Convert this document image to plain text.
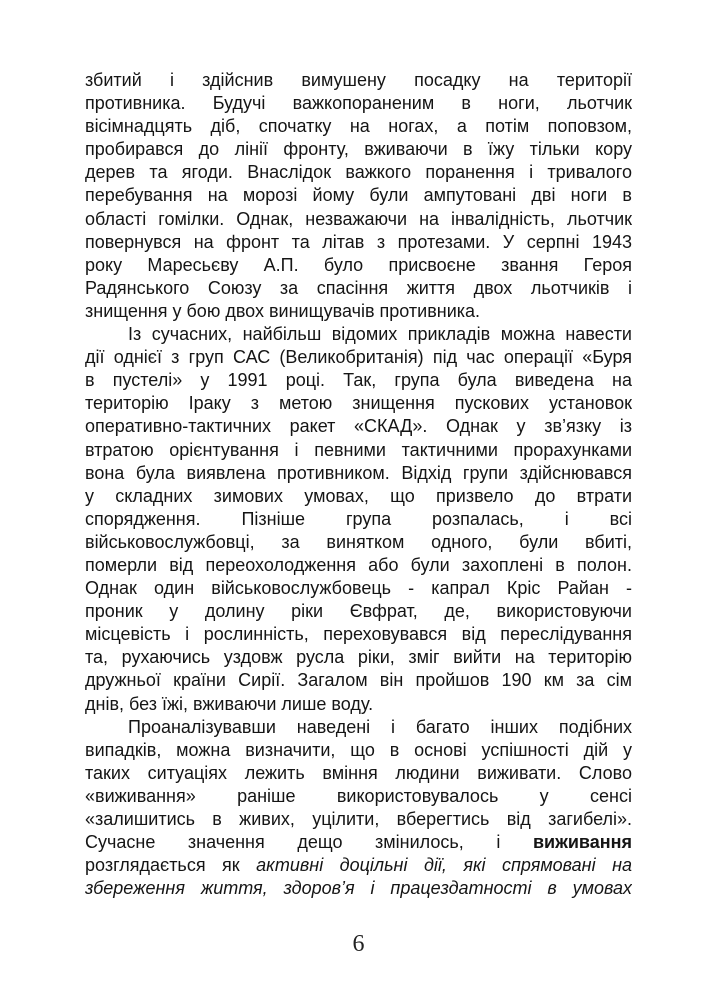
збитий і здійснив вимушену посадку на території
противника. Будучі важкопораненим в ноги, льотчик
вісімнадцять діб, спочатку на ногах, а потім поповзом,
пробирався до лінії фронту, вживаючи в їжу тільки кору
дерев та ягоди. Внаслідок важкого поранення і тривалого
перебування на морозі йому були ампутовані дві ноги в
області гомілки. Однак, незважаючи на інвалідність, льотчик
повернувся на фронт та літав з протезами. У серпні 1943
року Маресьєву А.П. було присвоєне звання Героя
Радянського Союзу за спасіння життя двох льотчиків і
знищення у бою двох винищувачів противника.
Із сучасних, найбільш відомих прикладів можна навести
дії однієї з груп САС (Великобританія) під час операції «Буря
в пустелі» у 1991 році. Так, група була виведена на
територію Іраку з метою знищення пускових установок
оперативно-тактичних ракет «СКАД». Однак у зв’язку із
втратою орієнтування і певними тактичними прорахунками
вона була виявлена противником. Відхід групи здійснювався
у складних зимових умовах, що призвело до втрати
спорядження. Пізніше група розпалась, і всі
військовослужбовці, за винятком одного, були вбиті,
померли від переохолодження або були захоплені в полон.
Однак один військовослужбовець - капрал Кріс Райан -
проник у долину ріки Євфрат, де, використовуючи
місцевість і рослинність, переховувався від переслідування
та, рухаючись уздовж русла ріки, зміг вийти на територію
дружньої країни Сирії. Загалом він пройшов 190 км за сім
днів, без їжі, вживаючи лише воду.
Проаналізувавши наведені і багато інших подібних
випадків, можна визначити, що в основі успішності дій у
таких ситуаціях лежить вміння людини виживати. Слово
«виживання» раніше використовувалось у сенсі
«залишитись в живих, уцілити, вберегтись від загибелі».
Сучасне значення дещо змінилось, і виживання
розглядається як активні доцільні дії, які спрямовані на
збереження життя, здоров’я і працездатності в умовах
6
